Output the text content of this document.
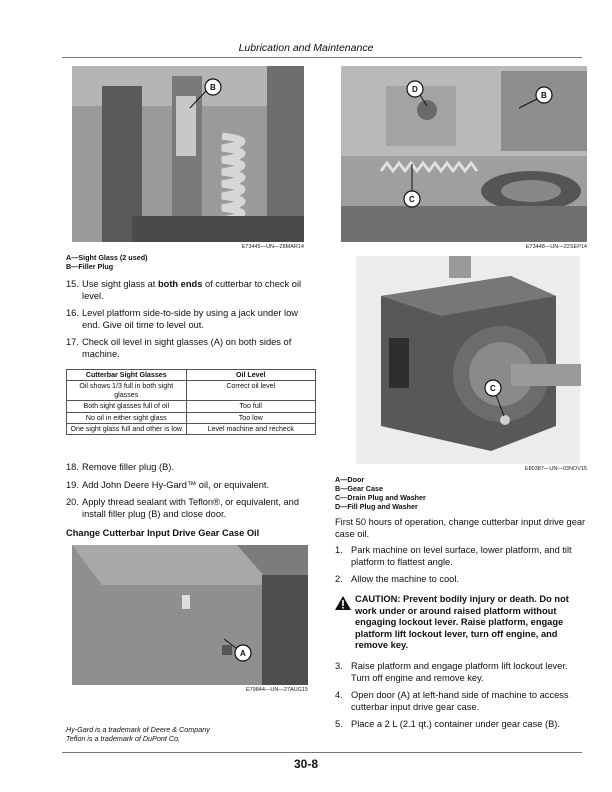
Lubrication and Maintenance
B
E73445—UN—28MAR14
D
B
C
E73448—UN—22SEP14
C
E80387—UN—03NOV15
A—Sight Glass (2 used)
B—Filler Plug
15. Use sight glass at both ends of cutterbar to check oil level.
16. Level platform side-to-side by using a jack under low end. Give oil time to level out.
17. Check oil level in sight glasses (A) on both sides of machine.
Cutterbar Sight Glasses	Oil Level
Oil shows 1/3 full in both sight glasses	Correct oil level
Both sight glasses full of oil	Too full
No oil in either sight glass	Too low
One sight glass full and other is low	Level machine and recheck
18. Remove filler plug (B).
19. Add John Deere Hy-Gard™ oil, or equivalent.
20. Apply thread sealant with Teflon®, or equivalent, and install filler plug (B) and close door.
Change Cutterbar Input Drive Gear Case Oil
A
E79844—UN—27AUG15
A—Door
B—Gear Case
C—Drain Plug and Washer
D—Fill Plug and Washer
First 50 hours of operation, change cutterbar input drive gear case oil.
1. Park machine on level surface, lower platform, and tilt platform to flattest angle.
2. Allow the machine to cool.
CAUTION: Prevent bodily injury or death. Do not work under or around raised platform without engaging lockout lever. Raise platform, engage platform lift lockout lever, turn off engine, and remove key.
3. Raise platform and engage platform lift lockout lever. Turn off engine and remove key.
4. Open door (A) at left-hand side of machine to access cutterbar input drive gear case.
5. Place a 2 L (2.1 qt.) container under gear case (B).
Hy-Gard is a trademark of Deere & Company
Teflon is a trademark of DuPont Co.
30-8
